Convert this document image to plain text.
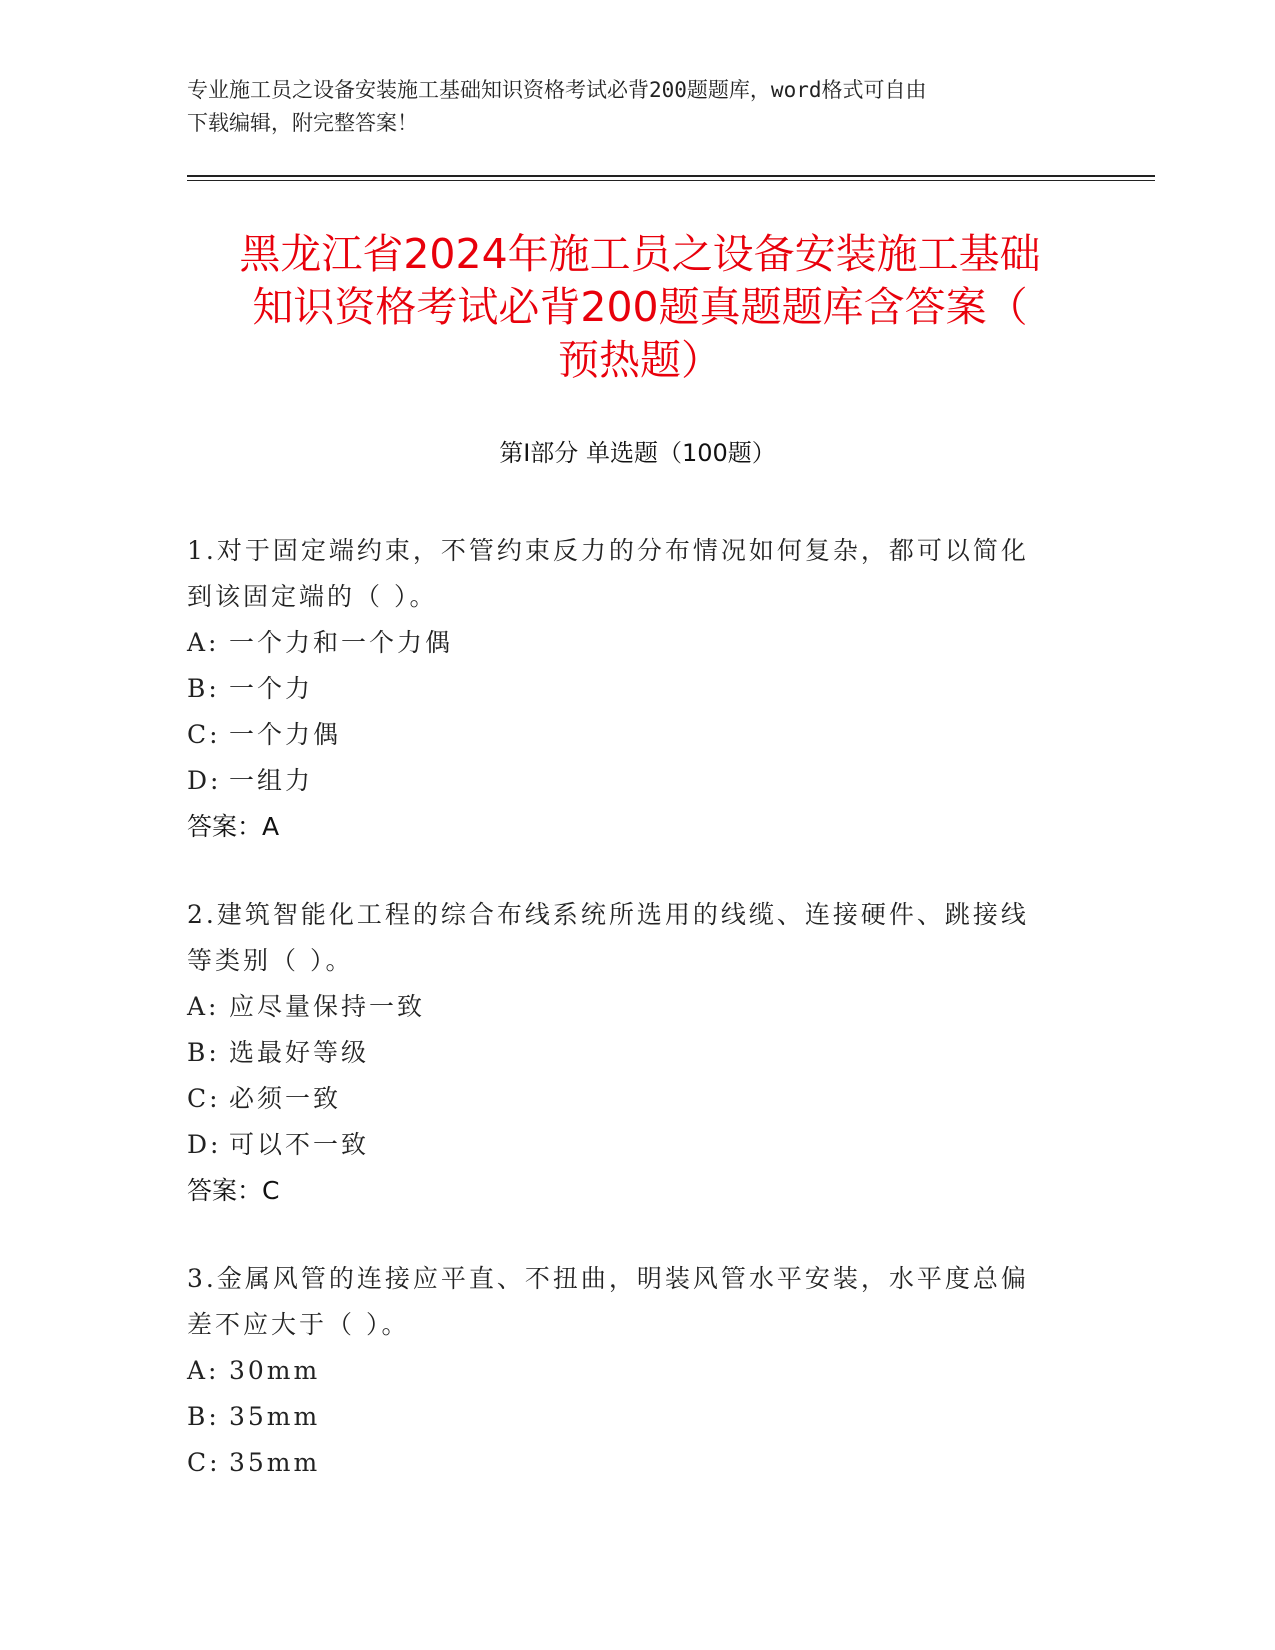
专业施工员之设备安装施工基础知识资格考试必背200题题库，word格式可自由
下载编辑，附完整答案！
黑龙江省2024年施工员之设备安装施工基础
知识资格考试必背200题真题题库含答案（
预热题）
第Ⅰ部分 单选题（100题）
1.对于固定端约束，不管约束反力的分布情况如何复杂，都可以简化
到该固定端的（ ）。
A: 一个力和一个力偶
B: 一个力
C: 一个力偶
D: 一组力
答案：A
2.建筑智能化工程的综合布线系统所选用的线缆、连接硬件、跳接线
等类别（ ）。
A: 应尽量保持一致
B: 选最好等级
C: 必须一致
D: 可以不一致
答案：C
3.金属风管的连接应平直、不扭曲，明装风管水平安装，水平度总偏
差不应大于（ ）。
A: 30mm
B: 35mm
C: 35mm
